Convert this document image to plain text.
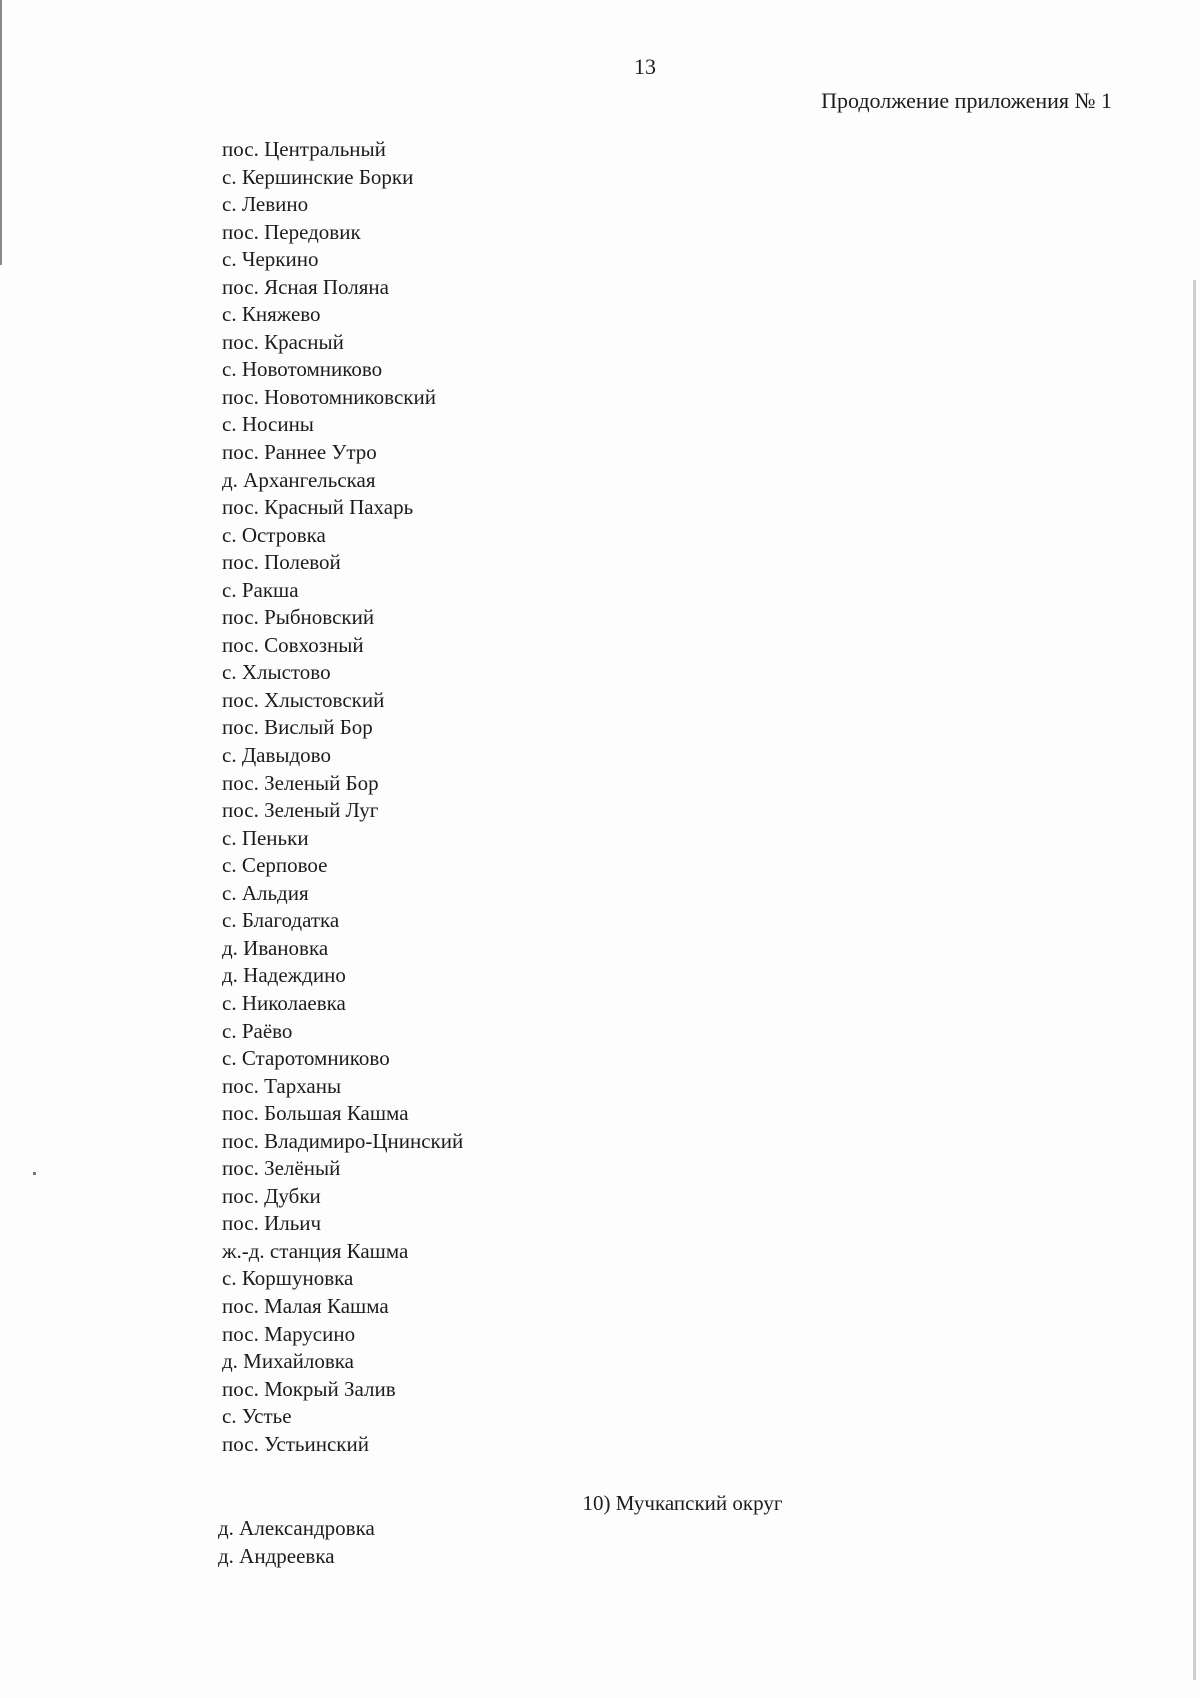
13
Продолжение приложения № 1
пос. Центральный
с. Кершинские Борки
с. Левино
пос. Передовик
с. Черкино
пос. Ясная Поляна
с. Княжево
пос. Красный
с. Новотомниково
пос. Новотомниковский
с. Носины
пос. Раннее Утро
д. Архангельская
пос. Красный Пахарь
с. Островка
пос. Полевой
с. Ракша
пос. Рыбновский
пос. Совхозный
с. Хлыстово
пос. Хлыстовский
пос. Вислый Бор
с. Давыдово
пос. Зеленый Бор
пос. Зеленый Луг
с. Пеньки
с. Серповое
с. Альдия
с. Благодатка
д. Ивановка
д. Надеждино
с. Николаевка
с. Раёво
с. Старотомниково
пос. Тарханы
пос. Большая Кашма
пос. Владимиро-Цнинский
пос. Зелёный
пос. Дубки
пос. Ильич
ж.-д. станция Кашма
с. Коршуновка
пос. Малая Кашма
пос. Марусино
д. Михайловка
пос. Мокрый Залив
с. Устье
пос. Устьинский
10) Мучкапский округ
д. Александровка
д. Андреевка
